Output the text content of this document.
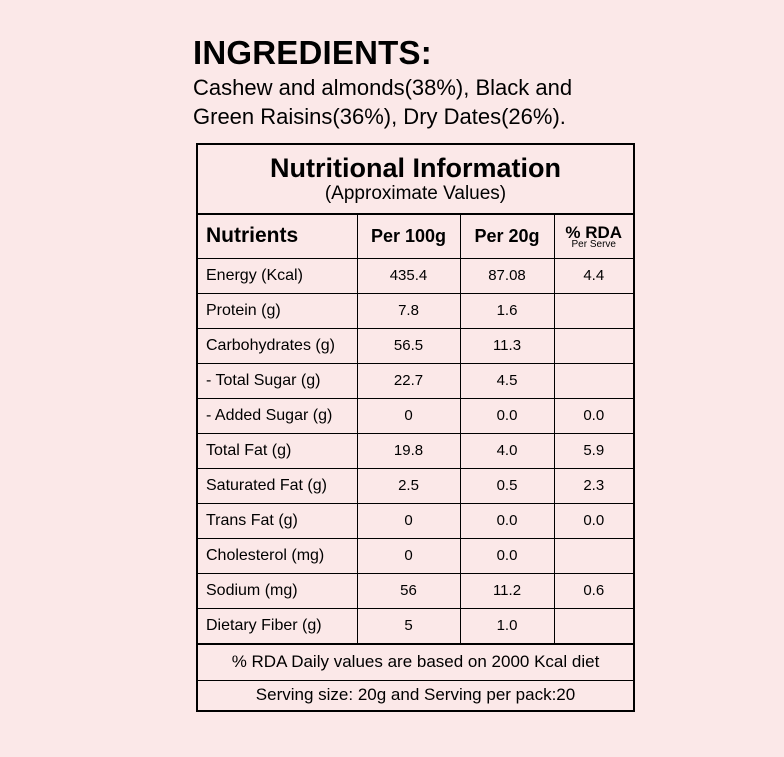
INGREDIENTS:
Cashew and almonds(38%), Black and
Green Raisins(36%), Dry Dates(26%).
Nutritional Information
(Approximate Values)
Nutrients	Per 100g	Per 20g	% RDA
Per Serve

Energy (Kcal)	435.4	87.08	4.4
Protein (g)	7.8	1.6	
Carbohydrates (g)	56.5	11.3	
- Total Sugar (g)	22.7	4.5	
- Added Sugar (g)	0	0.0	0.0
Total Fat (g)	19.8	4.0	5.9
Saturated Fat (g)	2.5	0.5	2.3
Trans Fat (g)	0	0.0	0.0
Cholesterol (mg)	0	0.0	
Sodium (mg)	56	11.2	0.6
Dietary Fiber (g)	5	1.0	
% RDA Daily values are based on 2000 Kcal diet
Serving size: 20g and Serving per pack:20
